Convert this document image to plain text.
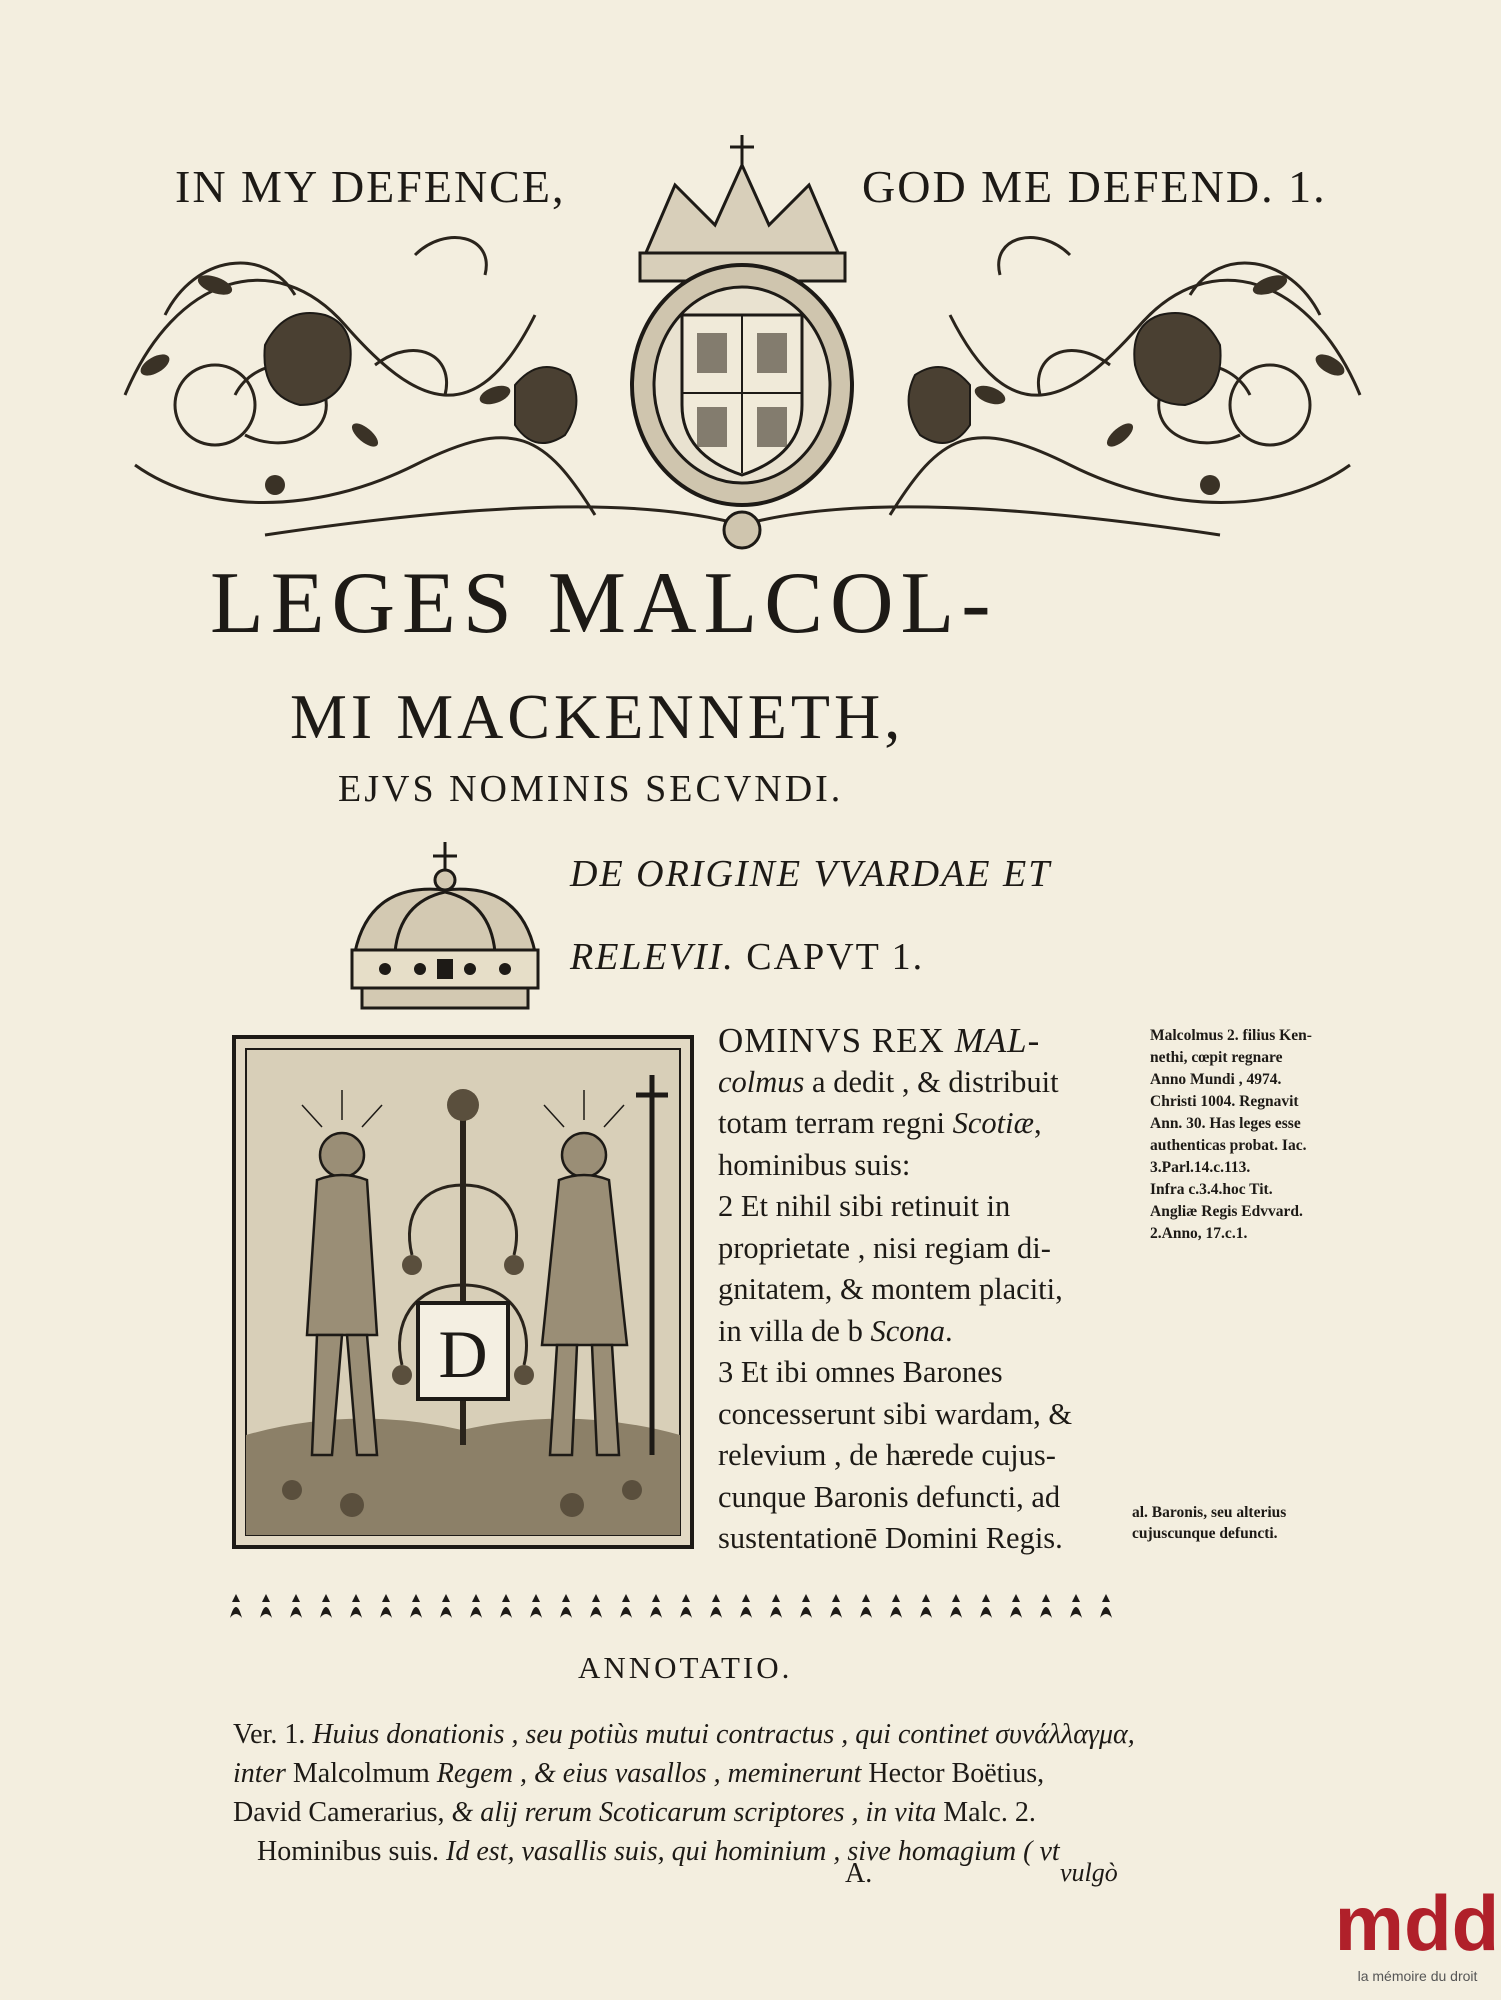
IN MY DEFENCE,	GOD ME DEFEND. 1.
LEGES MALCOL-
MI MACKENNETH,
EJVS NOMINIS SECVNDI.
DE ORIGINE VVARDAE ET
RELEVII. CAPVT 1.
D
OMINVS REX MAL-
colmus a dedit , & distribuit
totam terram regni Scotiæ,
hominibus suis:
2 Et nihil sibi retinuit in
proprietate , nisi regiam di-
gnitatem, & montem placiti,
in villa de b Scona.
3 Et ibi omnes Barones
concesserunt sibi wardam, &
relevium , de hærede cujus-
cunque Baronis defuncti, ad
sustentationē Domini Regis.
Malcolmus 2. filius Ken-
nethi, cœpit regnare
Anno Mundi , 4974.
Christi 1004. Regnavit
Ann. 30. Has leges esse
authenticas probat. Iac.
3.Parl.14.c.113.
Infra c.3.4.hoc Tit.
Angliæ Regis Edvvard.
2.Anno, 17.c.1.
al. Baronis, seu alterius
cujuscunque defuncti.
ANNOTATIO.
Ver. 1. Huius donationis , seu potiùs mutui contractus , qui continet συνάλλαγμα,
inter Malcolmum Regem , & eius vasallos , meminerunt Hector Boëtius,
David Camerarius, & alij rerum Scoticarum scriptores , in vita Malc. 2.
Hominibus suis. Id est, vasallis suis, qui hominium , sive homagium ( vt
A.	vulgò
mdd
la mémoire du droit
